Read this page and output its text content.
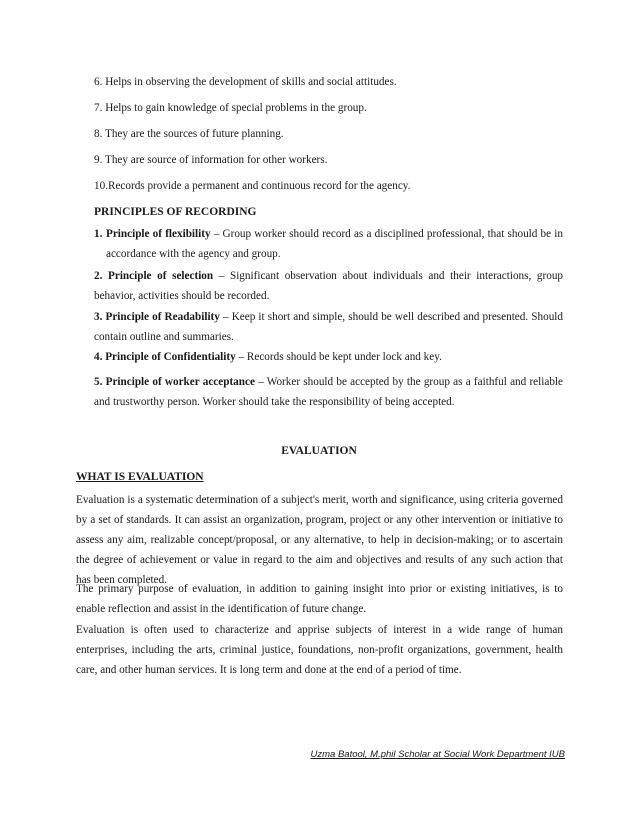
6. Helps in observing the development of skills and social attitudes.
7. Helps to gain knowledge of special problems in the group.
8. They are the sources of future planning.
9. They are source of information for other workers.
10.Records provide a permanent and continuous record for the agency.
PRINCIPLES OF RECORDING
1. Principle of flexibility – Group worker should record as a disciplined professional, that should be in accordance with the agency and group.
2. Principle of selection – Significant observation about individuals and their interactions, group behavior, activities should be recorded.
3. Principle of Readability – Keep it short and simple, should be well described and presented. Should contain outline and summaries.
4. Principle of Confidentiality – Records should be kept under lock and key.
5. Principle of worker acceptance – Worker should be accepted by the group as a faithful and reliable and trustworthy person. Worker should take the responsibility of being accepted.
EVALUATION
WHAT IS EVALUATION
Evaluation is a systematic determination of a subject's merit, worth and significance, using criteria governed by a set of standards. It can assist an organization, program, project or any other intervention or initiative to assess any aim, realizable concept/proposal, or any alternative, to help in decision-making; or to ascertain the degree of achievement or value in regard to the aim and objectives and results of any such action that has been completed.
The primary purpose of evaluation, in addition to gaining insight into prior or existing initiatives, is to enable reflection and assist in the identification of future change.
Evaluation is often used to characterize and apprise subjects of interest in a wide range of human enterprises, including the arts, criminal justice, foundations, non-profit organizations, government, health care, and other human services. It is long term and done at the end of a period of time.
Uzma Batool, M.phil Scholar at Social Work Department IUB
